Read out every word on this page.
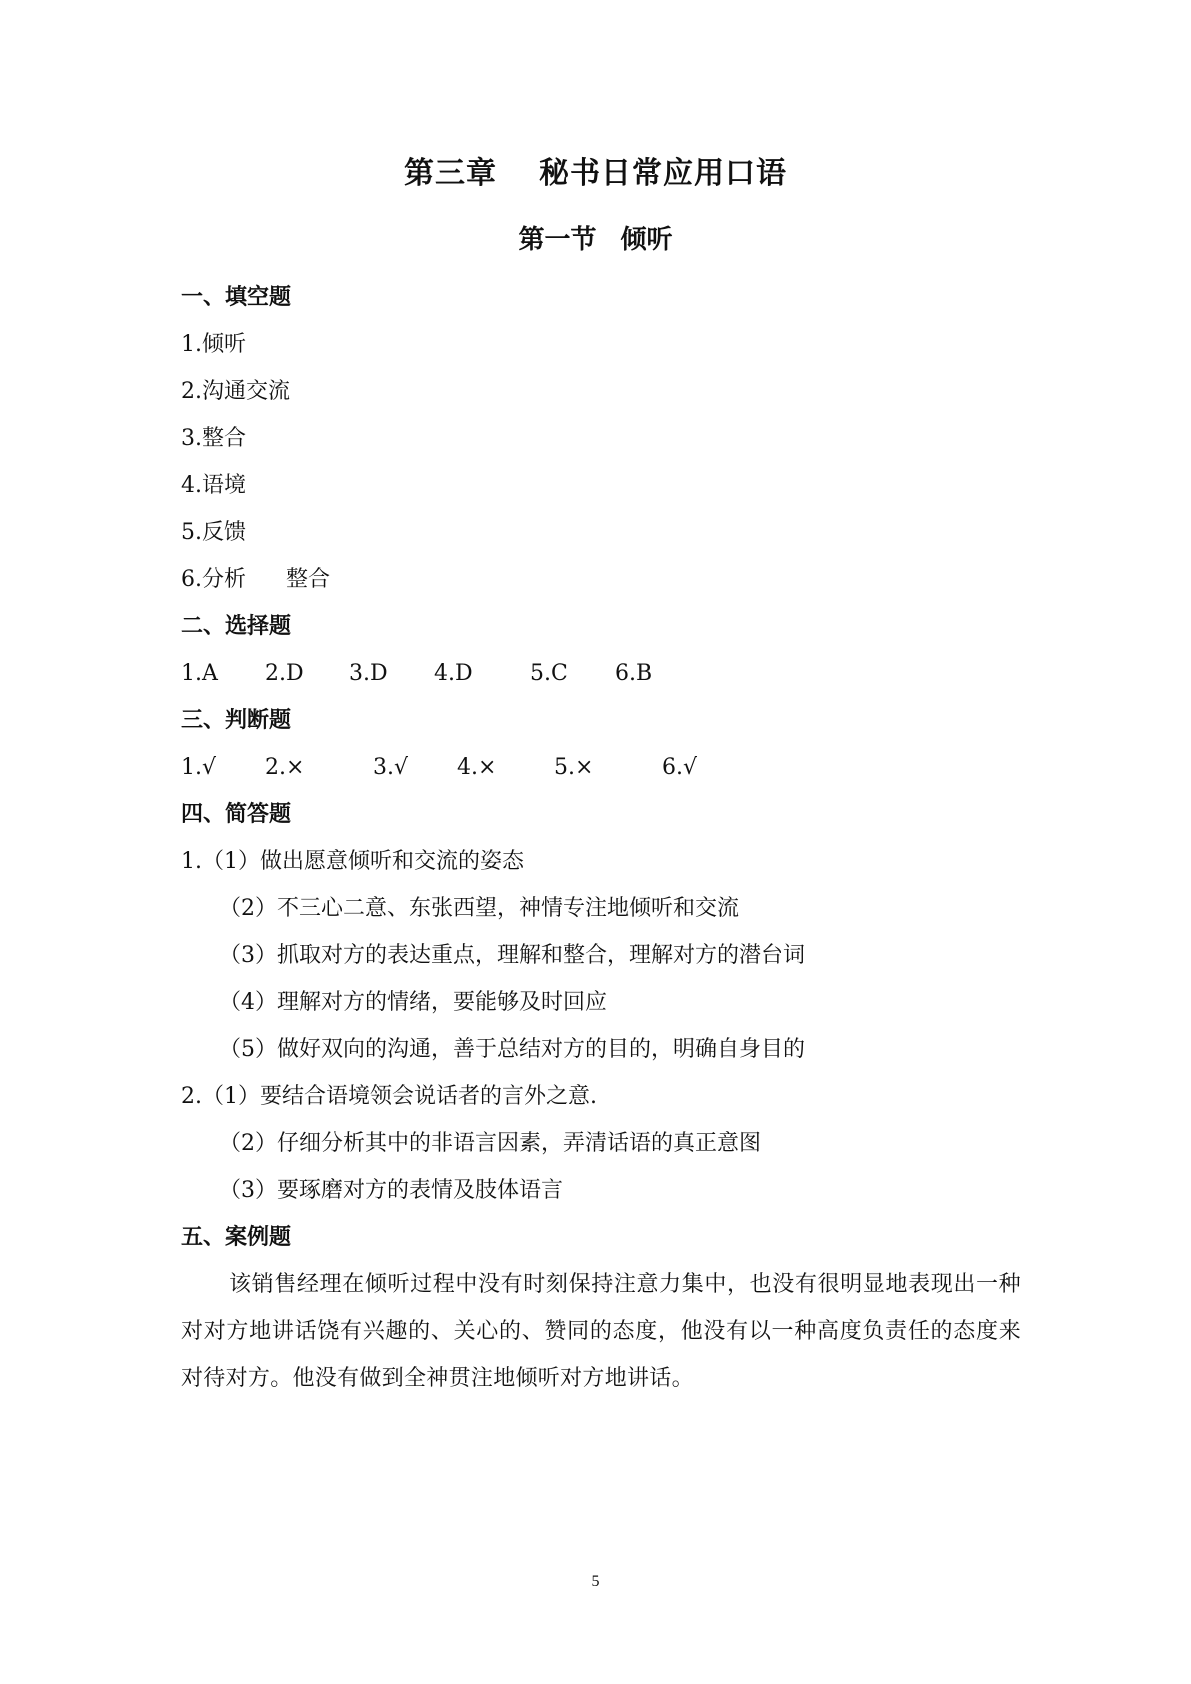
第三章 秘书日常应用口语
第一节 倾听
一、填空题
1.倾听
2.沟通交流
3.整合
4.语境
5.反馈
6.分析 整合
二、选择题
1.A 2.D 3.D 4.D	5.C 6.B
三、判断题
1.√ 2.×	3.√ 4.×	5.×	6.√
四、简答题
1.（1）做出愿意倾听和交流的姿态
（2）不三心二意、东张西望，神情专注地倾听和交流
（3）抓取对方的表达重点，理解和整合，理解对方的潜台词
（4）理解对方的情绪，要能够及时回应
（5）做好双向的沟通，善于总结对方的目的，明确自身目的
2.（1）要结合语境领会说话者的言外之意.
（2）仔细分析其中的非语言因素，弄清话语的真正意图
（3）要琢磨对方的表情及肢体语言
五、案例题
该销售经理在倾听过程中没有时刻保持注意力集中，也没有很明显地表现出一种对对方地讲话饶有兴趣的、关心的、赞同的态度，他没有以一种高度负责任的态度来对待对方。他没有做到全神贯注地倾听对方地讲话。
5
